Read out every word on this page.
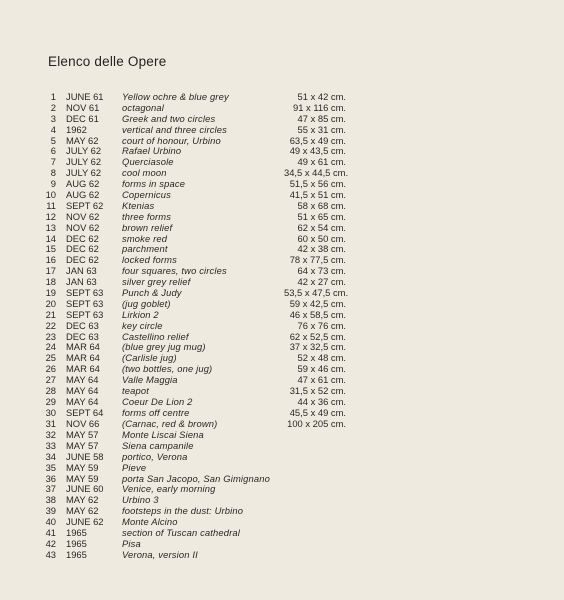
Elenco delle Opere
1 JUNE 61 Yellow ochre & blue grey	51 x 42 cm.
2 NOV 61 octagonal	91 x 116 cm.
3 DEC 61 Greek and two circles	47 x 85 cm.
4 1962	vertical and three circles	55 x 31 cm.
5 MAY 62	court of honour, Urbino	63,5 x 49 cm.
6 JULY 62 Rafael Urbino	49 x 43,5 cm.
7 JULY 62 Querciasole	49 x 61 cm.
8 JULY 62 cool moon	34,5 x 44,5 cm.
9 AUG 62 forms in space	51,5 x 56 cm.
10 AUG 62 Copernicus	41,5 x 51 cm.
11 SEPT 62 Ktenias	58 x 68 cm.
12 NOV 62 three forms	51 x 65 cm.
13 NOV 62 brown relief	62 x 54 cm.
14 DEC 62 smoke red	60 x 50 cm.
15 DEC 62 parchment	42 x 38 cm.
16 DEC 62 locked forms	78 x 77,5 cm.
17 JAN 63	four squares, two circles	64 x 73 cm.
18 JAN 63	silver grey relief	42 x 27 cm.
19 SEPT 63 Punch & Judy	53,5 x 47,5 cm.
20 SEPT 63 (jug goblet)	59 x 42,5 cm.
21 SEPT 63 Lirkion 2	46 x 58,5 cm.
22 DEC 63 key circle	76 x 76 cm.
23 DEC 63 Castellino relief	62 x 52,5 cm.
24 MAR 64 (blue grey jug mug)	37 x 32,5 cm.
25 MAR 64 (Carlisle jug)	52 x 48 cm.
26 MAR 64 (two bottles, one jug)	59 x 46 cm.
27 MAY 64	Valle Maggia	47 x 61 cm.
28 MAY 64	teapot	31,5 x 52 cm.
29 MAY 64	Coeur De Lion 2	44 x 36 cm.
30 SEPT 64 forms off centre	45,5 x 49 cm.
31 NOV 66 (Carnac, red & brown)	100 x 205 cm.
32 MAY 57	Monte Liscai Siena
33 MAY 57	Siena campanile
34 JUNE 58 portico, Verona
35 MAY 59	Pieve
36 MAY 59	porta San Jacopo, San Gimignano
37 JUNE 60 Venice, early morning
38 MAY 62	Urbino 3
39 MAY 62	footsteps in the dust: Urbino
40 JUNE 62 Monte Alcino
41 1965	section of Tuscan cathedral
42 1965	Pisa
43 1965	Verona, version II
